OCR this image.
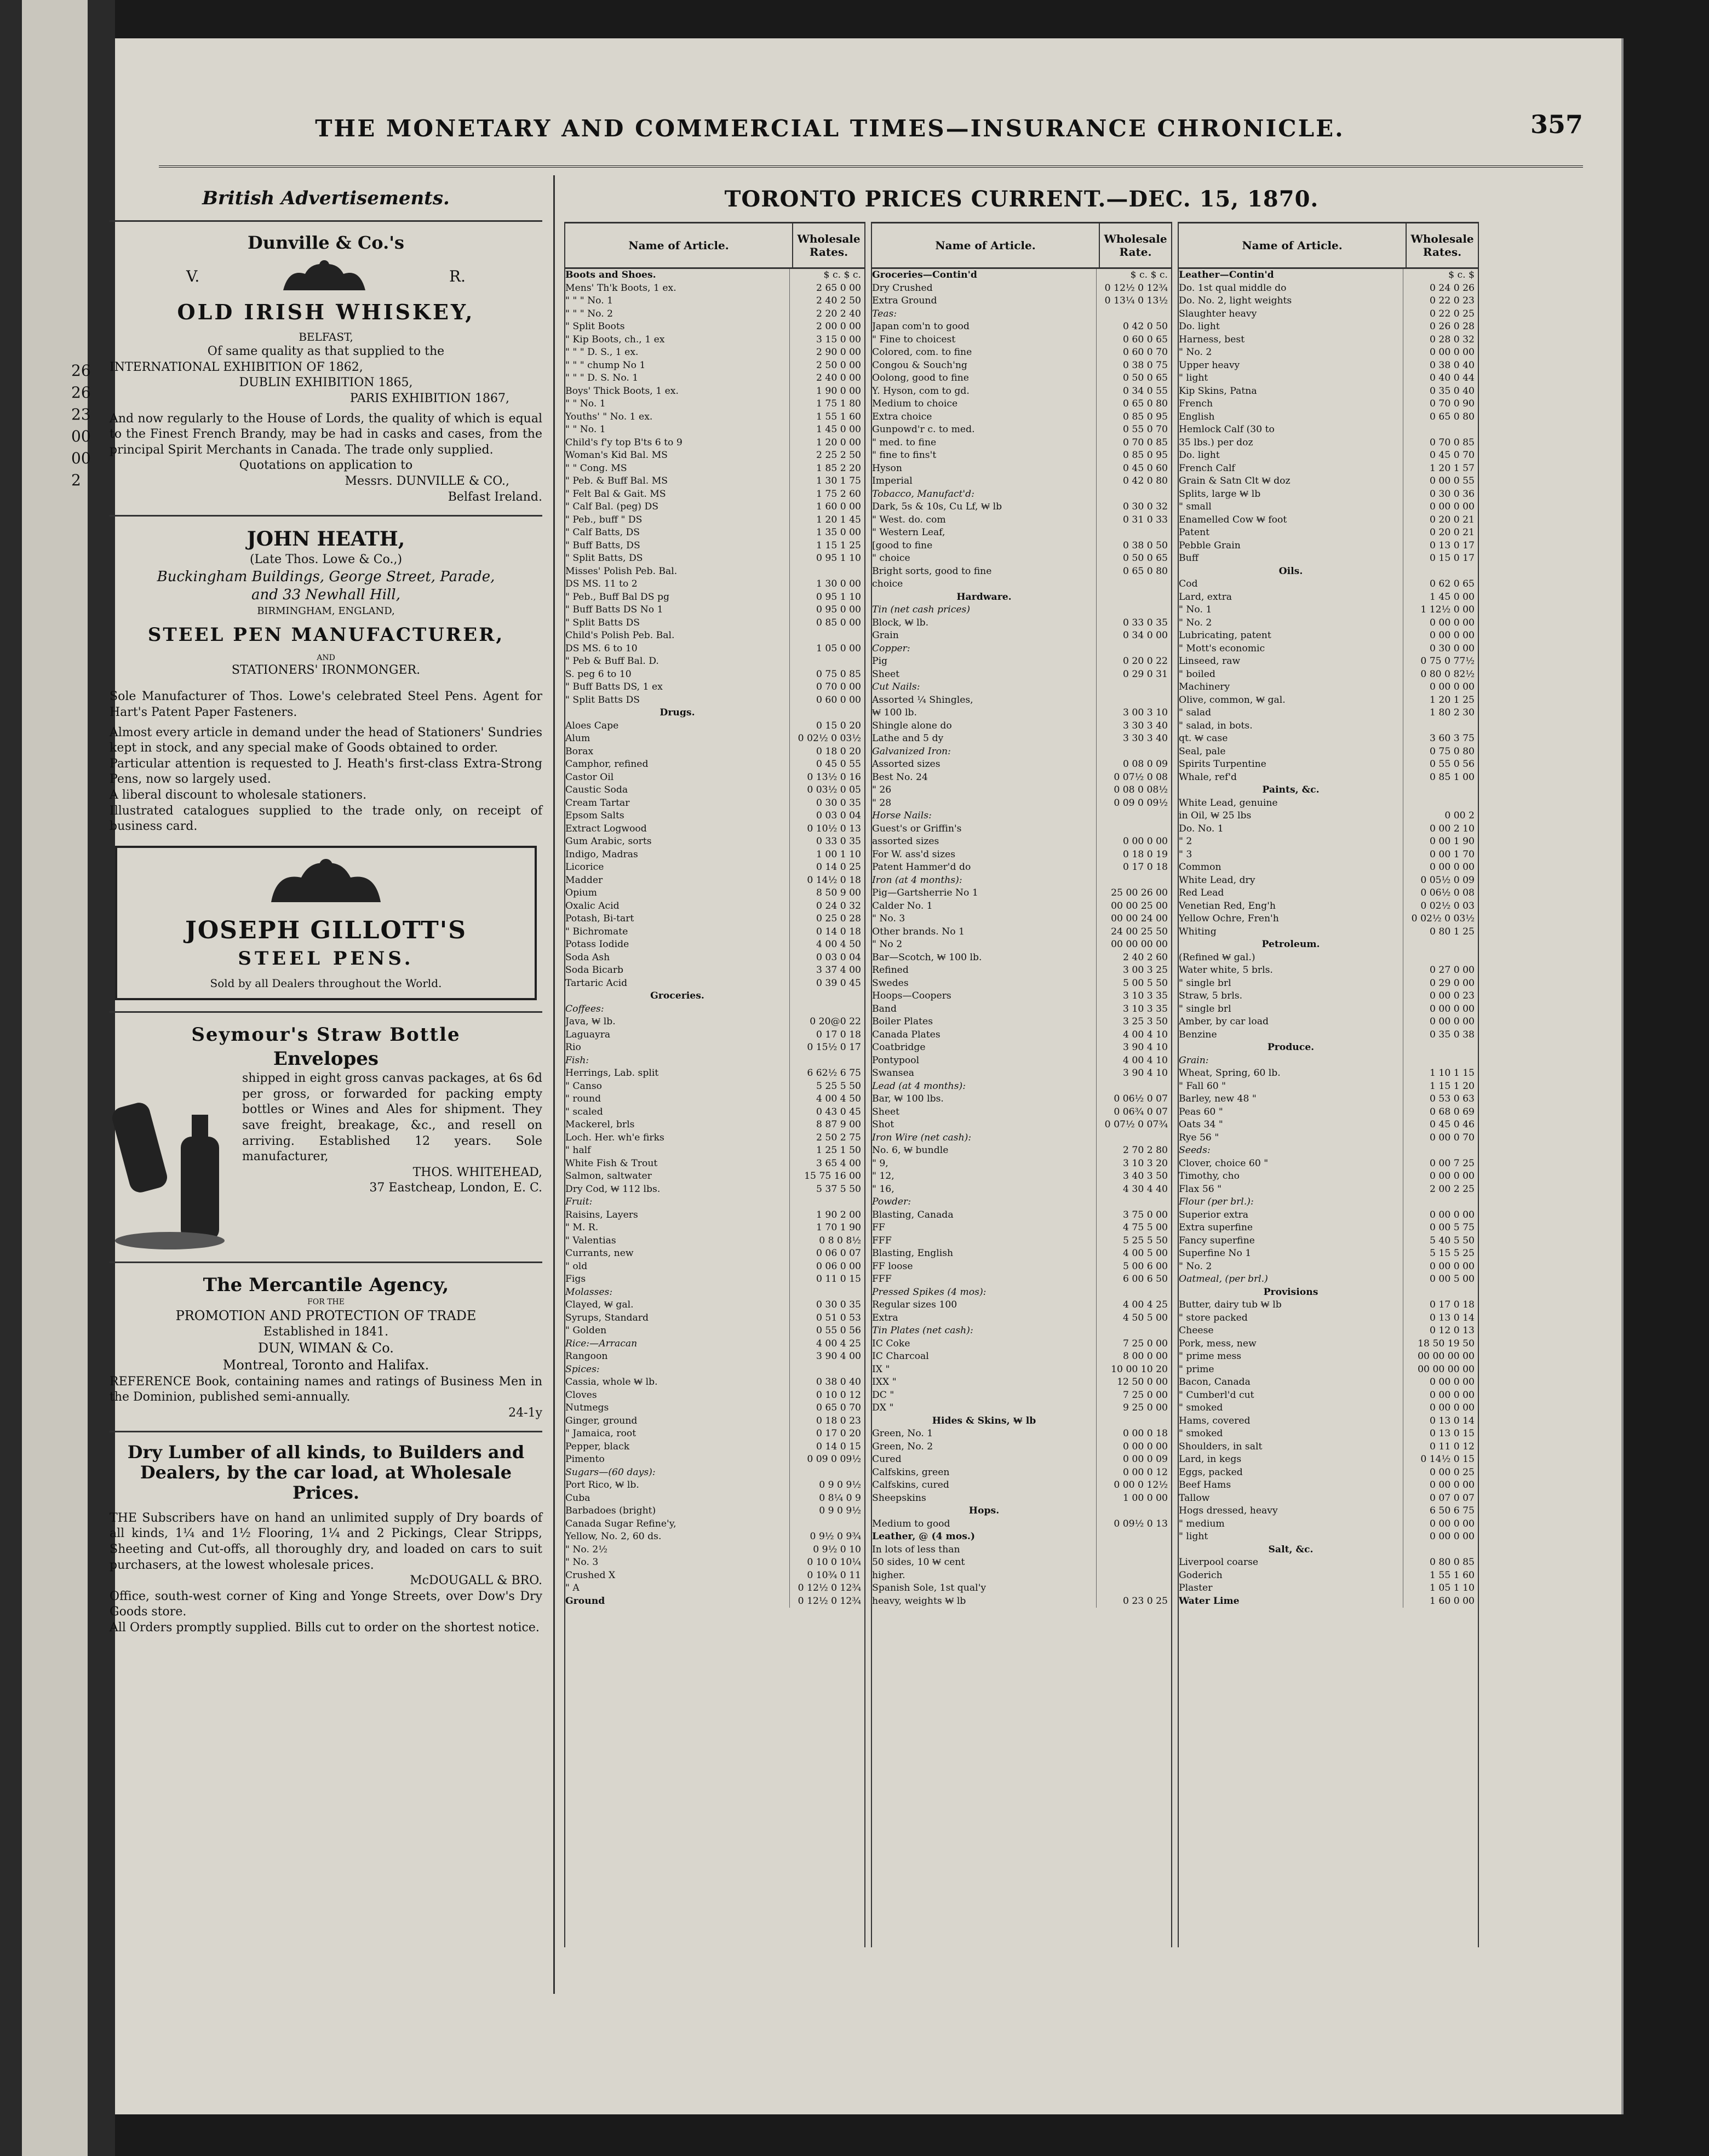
26
26
23
00
00
2
THE MONETARY AND COMMERCIAL TIMES—INSURANCE CHRONICLE.	357
British Advertisements.
Dunville & Co.'s
V.	R.
OLD IRISH WHISKEY,
BELFAST,
Of same quality as that supplied to the
INTERNATIONAL EXHIBITION OF 1862,
DUBLIN EXHIBITION 1865,
PARIS EXHIBITION 1867,
And now regularly to the House of Lords, the quality of which is equal to the Finest French Brandy, may be had in casks and cases, from the principal Spirit Merchants in Canada. The trade only supplied.
Quotations on application to
Messrs. DUNVILLE & CO.,
Belfast Ireland.
JOHN HEATH,
(Late Thos. Lowe & Co.,)
Buckingham Buildings, George Street, Parade,
and 33 Newhall Hill,
BIRMINGHAM, ENGLAND,
STEEL PEN MANUFACTURER,
AND
STATIONERS' IRONMONGER.
Sole Manufacturer of Thos. Lowe's celebrated Steel Pens. Agent for Hart's Patent Paper Fasteners.
Almost every article in demand under the head of Stationers' Sundries kept in stock, and any special make of Goods obtained to order.
Particular attention is requested to J. Heath's first-class Extra-Strong Pens, now so largely used.
A liberal discount to wholesale stationers.
Illustrated catalogues supplied to the trade only, on receipt of business card.
JOSEPH GILLOTT'S
STEEL PENS.
Sold by all Dealers throughout the World.
Seymour's Straw Bottle
Envelopes
shipped in eight gross canvas packages, at 6s 6d per gross, or forwarded for packing empty bottles or Wines and Ales for shipment. They save freight, breakage, &c., and resell on arriving. Established 12 years. Sole manufacturer,
THOS. WHITEHEAD,
37 Eastcheap, London, E. C.
The Mercantile Agency,
FOR THE
PROMOTION AND PROTECTION OF TRADE
Established in 1841.
DUN, WIMAN & Co.
Montreal, Toronto and Halifax.
REFERENCE Book, containing names and ratings of Business Men in the Dominion, published semi-annually.
24-1y
Dry Lumber of all kinds, to Builders and Dealers, by the car load, at Wholesale Prices.
THE Subscribers have on hand an unlimited supply of Dry boards of all kinds, 1¼ and 1½ Flooring, 1¼ and 2 Pickings, Clear Stripps, Sheeting and Cut-offs, all thoroughly dry, and loaded on cars to suit purchasers, at the lowest wholesale prices.
McDOUGALL & BRO.
Office, south-west corner of King and Yonge Streets, over Dow's Dry Goods store.
All Orders promptly supplied. Bills cut to order on the shortest notice.
TORONTO PRICES CURRENT.—DEC. 15, 1870.
Name of Article.	Wholesale Rates.
Boots and Shoes.	$ c. $ c.
Mens' Th'k Boots, 1 ex.	2 65 0 00
" " " No. 1	2 40 2 50
" " " No. 2	2 20 2 40
" Split Boots	2 00 0 00
" Kip Boots, ch., 1 ex	3 15 0 00
" " " D. S., 1 ex.	2 90 0 00
" " " chump No 1	2 50 0 00
" " " D. S. No. 1	2 40 0 00
Boys' Thick Boots, 1 ex.	1 90 0 00
" " No. 1	1 75 1 80
Youths' " No. 1 ex.	1 55 1 60
" " No. 1	1 45 0 00
Child's f'y top B'ts 6 to 9	1 20 0 00
Woman's Kid Bal. MS	2 25 2 50
" " Cong. MS	1 85 2 20
" Peb. & Buff Bal. MS	1 30 1 75
" Felt Bal & Gait. MS	1 75 2 60
" Calf Bal. (peg) DS	1 60 0 00
" Peb., buff " DS	1 20 1 45
" Calf Batts, DS	1 35 0 00
" Buff Batts, DS	1 15 1 25
" Split Batts, DS	0 95 1 10
Misses' Polish Peb. Bal.
DS MS. 11 to 2	1 30 0 00
" Peb., Buff Bal DS pg	0 95 1 10
" Buff Batts DS No 1	0 95 0 00
" Split Batts DS	0 85 0 00
Child's Polish Peb. Bal.
DS MS. 6 to 10	1 05 0 00
" Peb & Buff Bal. D.
S. peg 6 to 10	0 75 0 85
" Buff Batts DS, 1 ex	0 70 0 00
" Split Batts DS	0 60 0 00
Drugs.
Aloes Cape	0 15 0 20
Alum	0 02½ 0 03½
Borax	0 18 0 20
Camphor, refined	0 45 0 55
Castor Oil	0 13½ 0 16
Caustic Soda	0 03½ 0 05
Cream Tartar	0 30 0 35
Epsom Salts	0 03 0 04
Extract Logwood	0 10½ 0 13
Gum Arabic, sorts	0 33 0 35
Indigo, Madras	1 00 1 10
Licorice	0 14 0 25
Madder	0 14½ 0 18
Opium	8 50 9 00
Oxalic Acid	0 24 0 32
Potash, Bi-tart	0 25 0 28
" Bichromate	0 14 0 18
Potass Iodide	4 00 4 50
Soda Ash	0 03 0 04
Soda Bicarb	3 37 4 00
Tartaric Acid	0 39 0 45
Groceries.
Coffees:
Java, ₩ lb.	0 20@0 22
Laguayra	0 17 0 18
Rio	0 15½ 0 17
Fish:
Herrings, Lab. split	6 62½ 6 75
" Canso	5 25 5 50
" round	4 00 4 50
" scaled	0 43 0 45
Mackerel, brls	8 87 9 00
Loch. Her. wh'e firks	2 50 2 75
" half	1 25 1 50
White Fish & Trout	3 65 4 00
Salmon, saltwater	15 75 16 00
Dry Cod, ₩ 112 lbs.	5 37 5 50
Fruit:
Raisins, Layers	1 90 2 00
" M. R.	1 70 1 90
" Valentias	0 8 0 8½
Currants, new	0 06 0 07
" old	0 06 0 00
Figs	0 11 0 15
Molasses:
Clayed, ₩ gal.	0 30 0 35
Syrups, Standard	0 51 0 53
" Golden	0 55 0 56
Rice:—Arracan	4 00 4 25
Rangoon	3 90 4 00
Spices:
Cassia, whole ₩ lb.	0 38 0 40
Cloves	0 10 0 12
Nutmegs	0 65 0 70
Ginger, ground	0 18 0 23
" Jamaica, root	0 17 0 20
Pepper, black	0 14 0 15
Pimento	0 09 0 09½
Sugars—(60 days):
Port Rico, ₩ lb.	0 9 0 9½
Cuba	0 8¼ 0 9
Barbadoes (bright)	0 9 0 9½
Canada Sugar Refine'y,
Yellow, No. 2, 60 ds.	0 9½ 0 9¾
" No. 2½	0 9½ 0 10
" No. 3	0 10 0 10¼
Crushed X	0 10¾ 0 11
" A	0 12½ 0 12¾
Ground	0 12½ 0 12¾
Name of Article.	Wholesale Rate.
Groceries—Contin'd	$ c. $ c.
Dry Crushed	0 12½ 0 12¾
Extra Ground	0 13¼ 0 13½
Teas:
Japan com'n to good	0 42 0 50
" Fine to choicest	0 60 0 65
Colored, com. to fine	0 60 0 70
Congou & Souch'ng	0 38 0 75
Oolong, good to fine	0 50 0 65
Y. Hyson, com to gd.	0 34 0 55
Medium to choice	0 65 0 80
Extra choice	0 85 0 95
Gunpowd'r c. to med.	0 55 0 70
" med. to fine	0 70 0 85
" fine to fins't	0 85 0 95
Hyson	0 45 0 60
Imperial	0 42 0 80
Tobacco, Manufact'd:
Dark, 5s & 10s, Cu Lf, ₩ lb	0 30 0 32
" West. do. com	0 31 0 33
" Western Leaf,
[good to fine	0 38 0 50
" choice	0 50 0 65
Bright sorts, good to fine	0 65 0 80
choice
Hardware.
Tin (net cash prices)
Block, ₩ lb.	0 33 0 35
Grain	0 34 0 00
Copper:
Pig	0 20 0 22
Sheet	0 29 0 31
Cut Nails:
Assorted ¼ Shingles,
₩ 100 lb.	3 00 3 10
Shingle alone do	3 30 3 40
Lathe and 5 dy	3 30 3 40
Galvanized Iron:
Assorted sizes	0 08 0 09
Best No. 24	0 07½ 0 08
" 26	0 08 0 08½
" 28	0 09 0 09½
Horse Nails:
Guest's or Griffin's
assorted sizes	0 00 0 00
For W. ass'd sizes	0 18 0 19
Patent Hammer'd do	0 17 0 18
Iron (at 4 months):
Pig—Gartsherrie No 1	25 00 26 00
Calder No. 1	00 00 25 00
" No. 3	00 00 24 00
Other brands. No 1	24 00 25 50
" No 2	00 00 00 00
Bar—Scotch, ₩ 100 lb.	2 40 2 60
Refined	3 00 3 25
Swedes	5 00 5 50
Hoops—Coopers	3 10 3 35
Band	3 10 3 35
Boiler Plates	3 25 3 50
Canada Plates	4 00 4 10
Coatbridge	3 90 4 10
Pontypool	4 00 4 10
Swansea	3 90 4 10
Lead (at 4 months):
Bar, ₩ 100 lbs.	0 06½ 0 07
Sheet	0 06¾ 0 07
Shot	0 07½ 0 07¾
Iron Wire (net cash):
No. 6, ₩ bundle	2 70 2 80
" 9,	3 10 3 20
" 12,	3 40 3 50
" 16,	4 30 4 40
Powder:
Blasting, Canada	3 75 0 00
FF	4 75 5 00
FFF	5 25 5 50
Blasting, English	4 00 5 00
FF loose	5 00 6 00
FFF	6 00 6 50
Pressed Spikes (4 mos):
Regular sizes 100	4 00 4 25
Extra	4 50 5 00
Tin Plates (net cash):
IC Coke	7 25 0 00
IC Charcoal	8 00 0 00
IX "	10 00 10 20
IXX "	12 50 0 00
DC "	7 25 0 00
DX "	9 25 0 00
Hides & Skins, ₩ lb
Green, No. 1	0 00 0 18
Green, No. 2	0 00 0 00
Cured	0 00 0 09
Calfskins, green	0 00 0 12
Calfskins, cured	0 00 0 12½
Sheepskins	1 00 0 00
Hops.
Medium to good	0 09½ 0 13
Leather, @ (4 mos.)
In lots of less than
50 sides, 10 ₩ cent
higher.
Spanish Sole, 1st qual'y
heavy, weights ₩ lb	0 23 0 25
Name of Article.	Wholesale Rates.
Leather—Contin'd	$ c. $
Do. 1st qual middle do	0 24 0 26
Do. No. 2, light weights	0 22 0 23
Slaughter heavy	0 22 0 25
Do. light	0 26 0 28
Harness, best	0 28 0 32
" No. 2	0 00 0 00
Upper heavy	0 38 0 40
" light	0 40 0 44
Kip Skins, Patna	0 35 0 40
French	0 70 0 90
English	0 65 0 80
Hemlock Calf (30 to
35 lbs.) per doz	0 70 0 85
Do. light	0 45 0 70
French Calf	1 20 1 57
Grain & Satn Clt ₩ doz	0 00 0 55
Splits, large ₩ lb	0 30 0 36
" small	0 00 0 00
Enamelled Cow ₩ foot	0 20 0 21
Patent	0 20 0 21
Pebble Grain	0 13 0 17
Buff	0 15 0 17
Oils.
Cod	0 62 0 65
Lard, extra	1 45 0 00
" No. 1	1 12½ 0 00
" No. 2	0 00 0 00
Lubricating, patent	0 00 0 00
" Mott's economic	0 30 0 00
Linseed, raw	0 75 0 77½
" boiled	0 80 0 82½
Machinery	0 00 0 00
Olive, common, ₩ gal.	1 20 1 25
" salad	1 80 2 30
" salad, in bots.
qt. ₩ case	3 60 3 75
Seal, pale	0 75 0 80
Spirits Turpentine	0 55 0 56
Whale, ref'd	0 85 1 00
Paints, &c.
White Lead, genuine
in Oil, ₩ 25 lbs	0 00 2
Do. No. 1	0 00 2 10
" 2	0 00 1 90
" 3	0 00 1 70
Common	0 00 0 00
White Lead, dry	0 05½ 0 09
Red Lead	0 06½ 0 08
Venetian Red, Eng'h	0 02½ 0 03
Yellow Ochre, Fren'h	0 02½ 0 03½
Whiting	0 80 1 25
Petroleum.
(Refined ₩ gal.)
Water white, 5 brls.	0 27 0 00
" single brl	0 29 0 00
Straw, 5 brls.	0 00 0 23
" single brl	0 00 0 00
Amber, by car load	0 00 0 00
Benzine	0 35 0 38
Produce.
Grain:
Wheat, Spring, 60 lb.	1 10 1 15
" Fall 60 "	1 15 1 20
Barley, new 48 "	0 53 0 63
Peas 60 "	0 68 0 69
Oats 34 "	0 45 0 46
Rye 56 "	0 00 0 70
Seeds:
Clover, choice 60 "	0 00 7 25
Timothy, cho	0 00 0 00
Flax 56 "	2 00 2 25
Flour (per brl.):
Superior extra	0 00 0 00
Extra superfine	0 00 5 75
Fancy superfine	5 40 5 50
Superfine No 1	5 15 5 25
" No. 2	0 00 0 00
Oatmeal, (per brl.)	0 00 5 00
Provisions
Butter, dairy tub ₩ lb	0 17 0 18
" store packed	0 13 0 14
Cheese	0 12 0 13
Pork, mess, new	18 50 19 50
" prime mess	00 00 00 00
" prime	00 00 00 00
Bacon, Canada	0 00 0 00
" Cumberl'd cut	0 00 0 00
" smoked	0 00 0 00
Hams, covered	0 13 0 14
" smoked	0 13 0 15
Shoulders, in salt	0 11 0 12
Lard, in kegs	0 14½ 0 15
Eggs, packed	0 00 0 25
Beef Hams	0 00 0 00
Tallow	0 07 0 07
Hogs dressed, heavy	6 50 6 75
" medium	0 00 0 00
" light	0 00 0 00
Salt, &c.
Liverpool coarse	0 80 0 85
Goderich	1 55 1 60
Plaster	1 05 1 10
Water Lime	1 60 0 00
